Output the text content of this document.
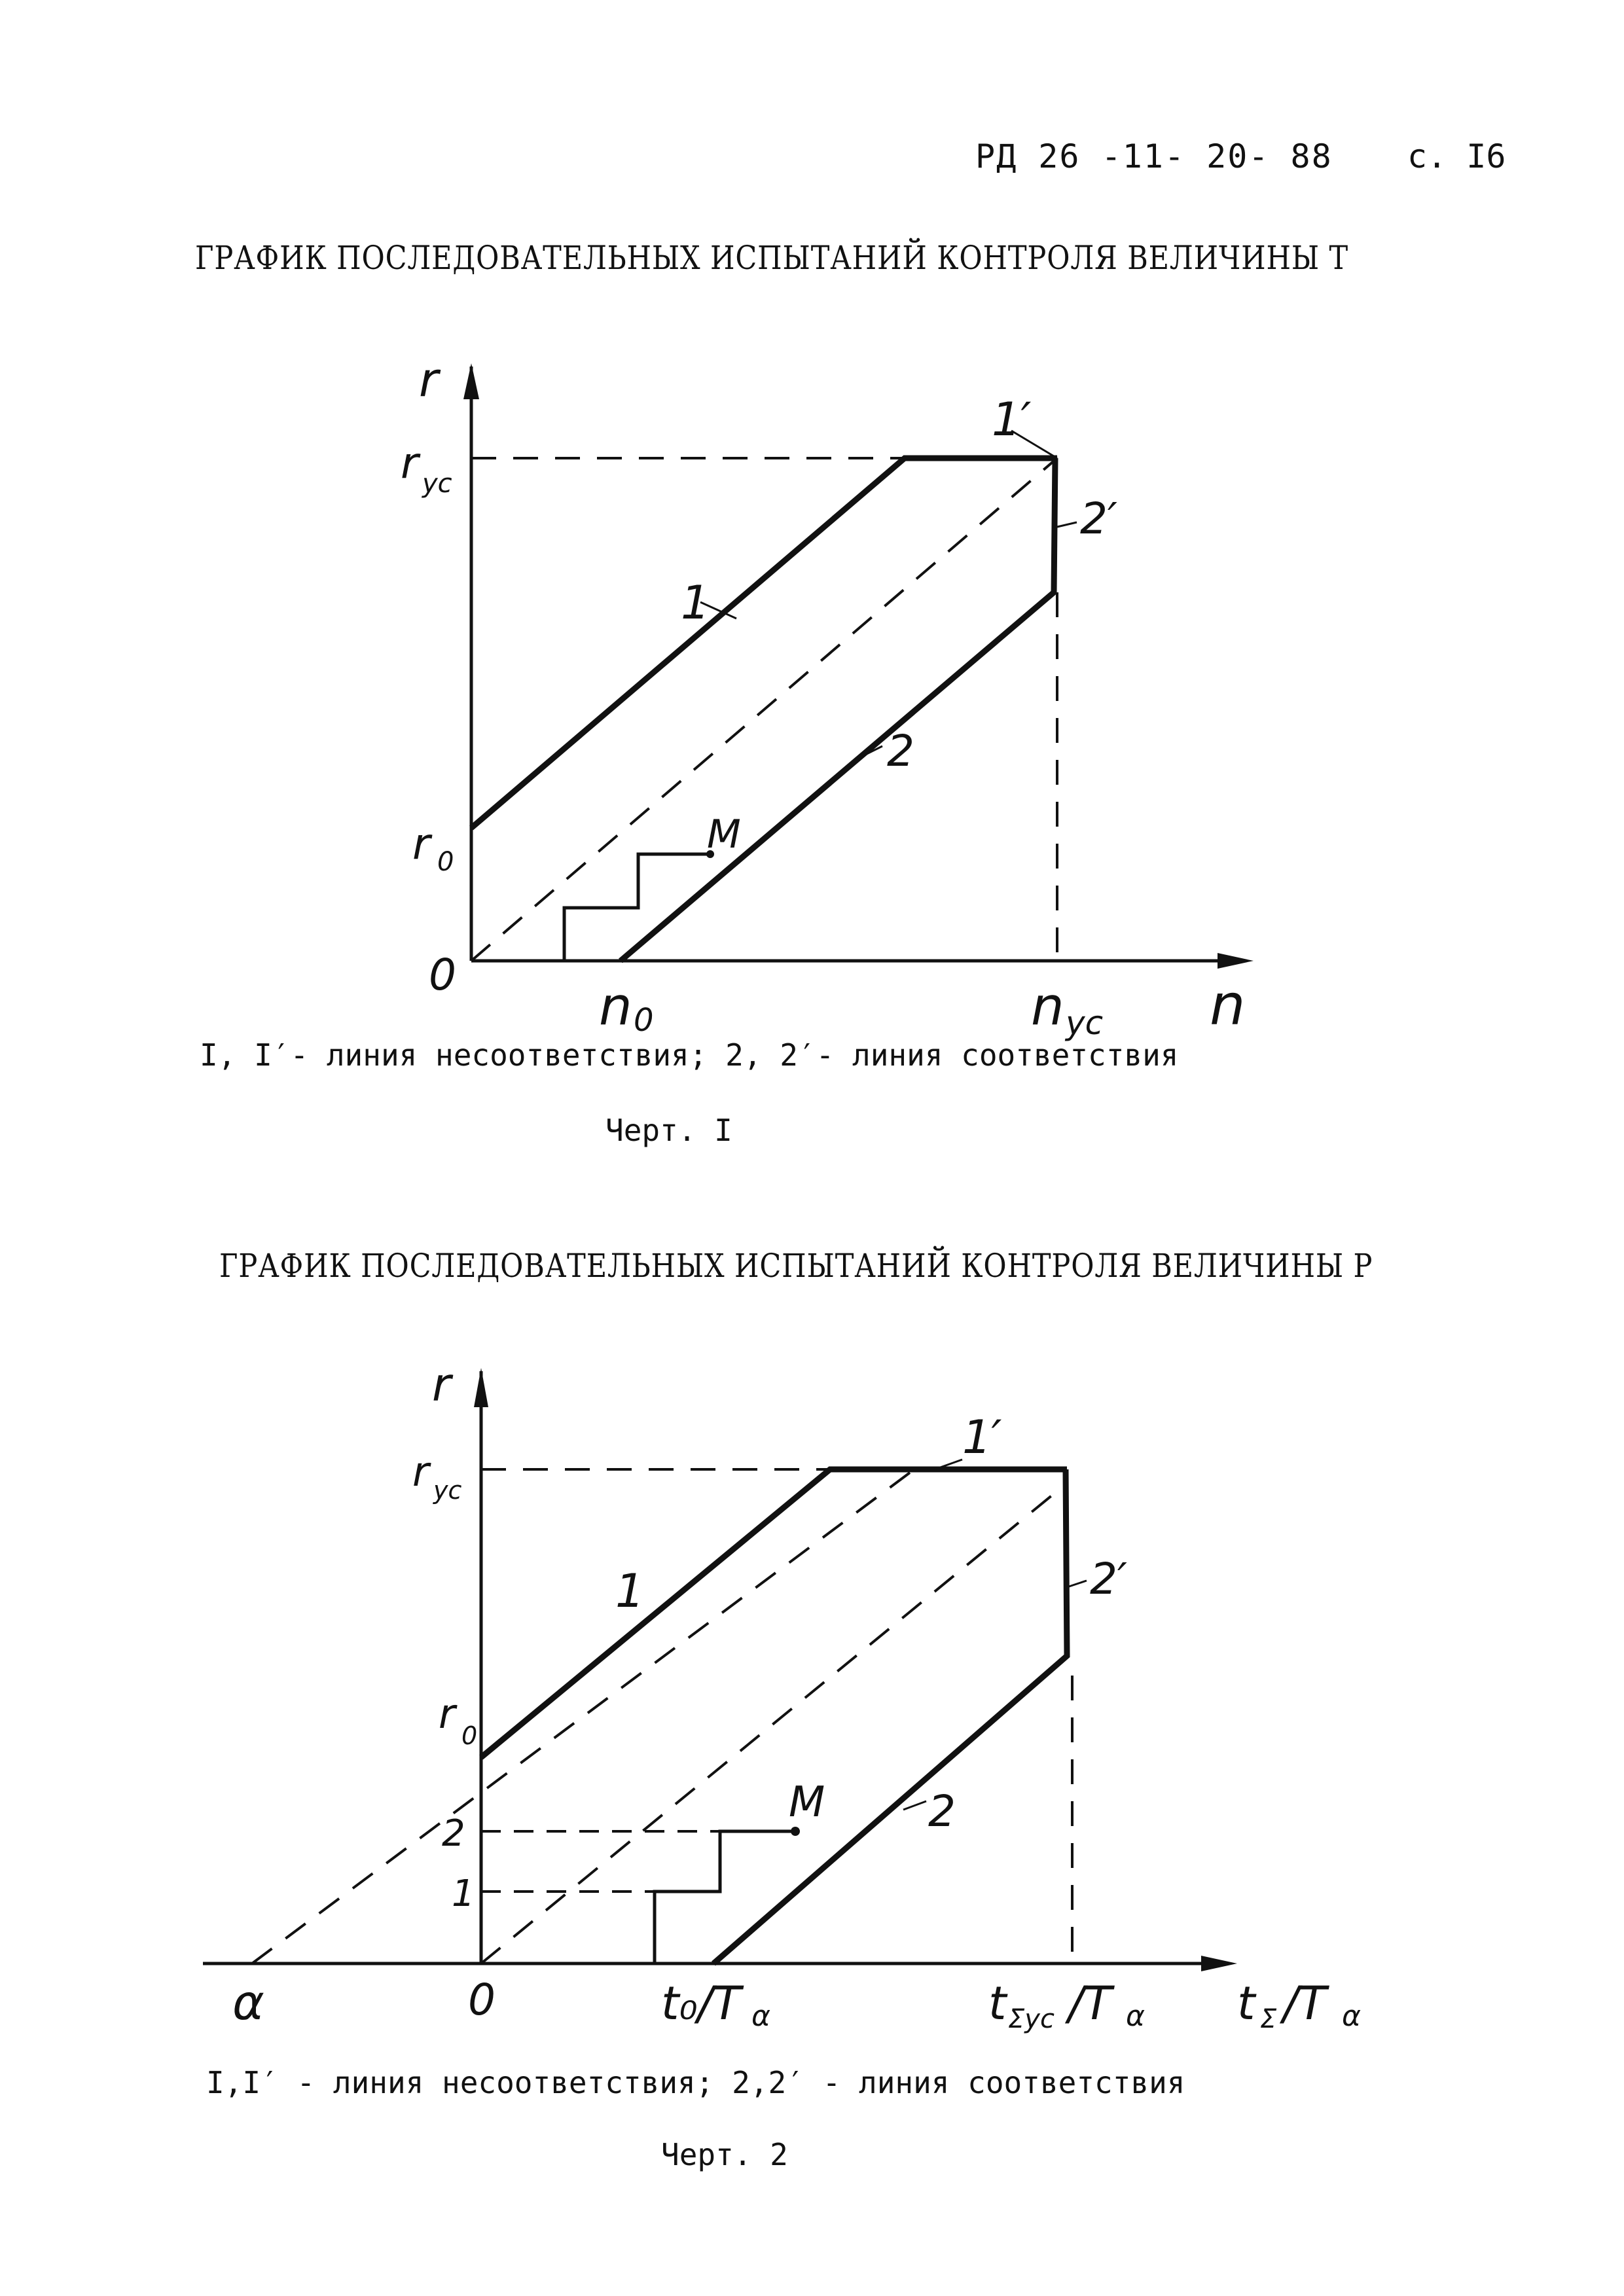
РД 26 -11- 20- 88 с. I6
ГРАФИК ПОСЛЕДОВАТЕЛЬНЫХ ИСПЫТАНИЙ КОНТРОЛЯ ВЕЛИЧИНЫ Т
r
r ус
r 0
0
n 0	n ус n
M
1
1′
2
2′
I, I′- линия несоответствия; 2, 2′- линия соответствия
Черт. I
ГРАФИК ПОСЛЕДОВАТЕЛЬНЫХ ИСПЫТАНИЙ КОНТРОЛЯ ВЕЛИЧИНЫ Р
r
r ус
r 0
2
1
0
α	t₀/T α	t Σус /T α t Σ /T α
M
1
1′
2
2′
I,I′ - линия несоответствия; 2,2′ - линия соответствия
Черт. 2
